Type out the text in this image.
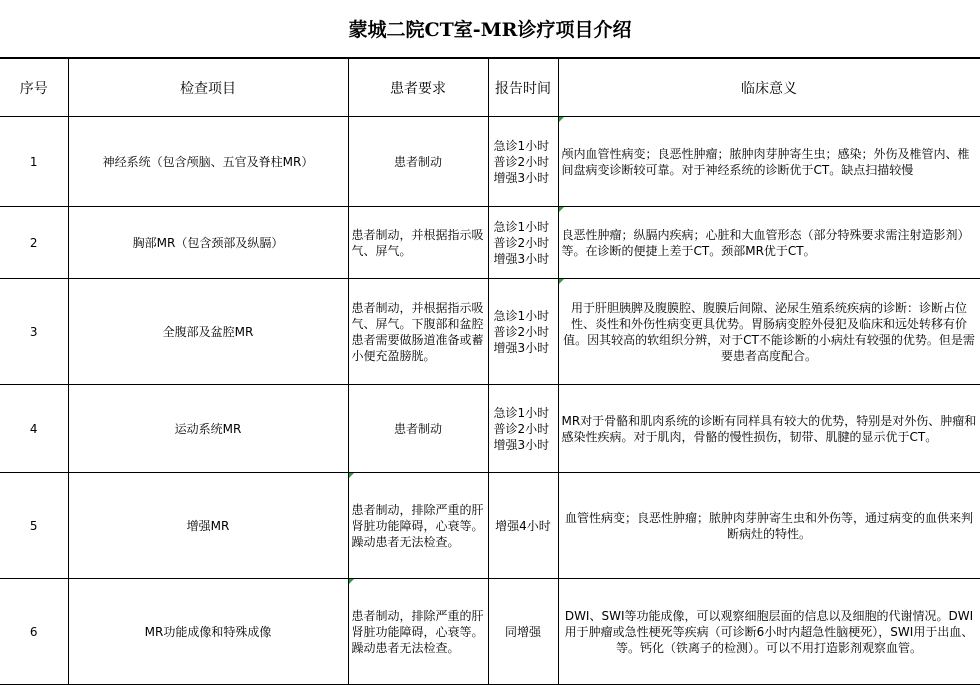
蒙城二院CT室-MR诊疗项目介绍
序号	检查项目	患者要求	报告时间	临床意义
1	神经系统（包含颅脑、五官及脊柱MR）	患者制动	急诊1小时
普诊2小时
增强3小时	颅内血管性病变；良恶性肿瘤；脓肿肉芽肿寄生虫；感染；外伤及椎管内、椎间盘病变诊断较可靠。对于神经系统的诊断优于CT。缺点扫描较慢
2	胸部MR（包含颈部及纵膈）	患者制动，并根据指示吸气、屏气。	急诊1小时
普诊2小时
增强3小时	良恶性肿瘤；纵膈内疾病；心脏和大血管形态（部分特殊要求需注射造影剂）等。在诊断的便捷上差于CT。颈部MR优于CT。
3	全腹部及盆腔MR	患者制动，并根据指示吸气、屏气。下腹部和盆腔患者需要做肠道准备或蓄小便充盈膀胱。	急诊1小时
普诊2小时
增强3小时	用于肝胆胰脾及腹膜腔、腹膜后间隙、泌尿生殖系统疾病的诊断：诊断占位性、炎性和外伤性病变更具优势。胃肠病变腔外侵犯及临床和远处转移有价值。因其较高的软组织分辨，对于CT不能诊断的小病灶有较强的优势。但是需要患者高度配合。
4	运动系统MR	患者制动	急诊1小时
普诊2小时
增强3小时	MR对于骨骼和肌肉系统的诊断有同样具有较大的优势，特别是对外伤、肿瘤和感染性疾病。对于肌肉，骨骼的慢性损伤，韧带、肌腱的显示优于CT。
5	增强MR	患者制动，排除严重的肝肾脏功能障碍，心衰等。躁动患者无法检查。	增强4小时	血管性病变；良恶性肿瘤；脓肿肉芽肿寄生虫和外伤等，通过病变的血供来判断病灶的特性。
6	MR功能成像和特殊成像	患者制动，排除严重的肝肾脏功能障碍，心衰等。躁动患者无法检查。	同增强	DWI、SWI等功能成像，可以观察细胞层面的信息以及细胞的代谢情况。DWI用于肿瘤或急性梗死等疾病（可诊断6小时内超急性脑梗死），SWI用于出血、等。钙化（铁离子的检测）。可以不用打造影剂观察血管。
